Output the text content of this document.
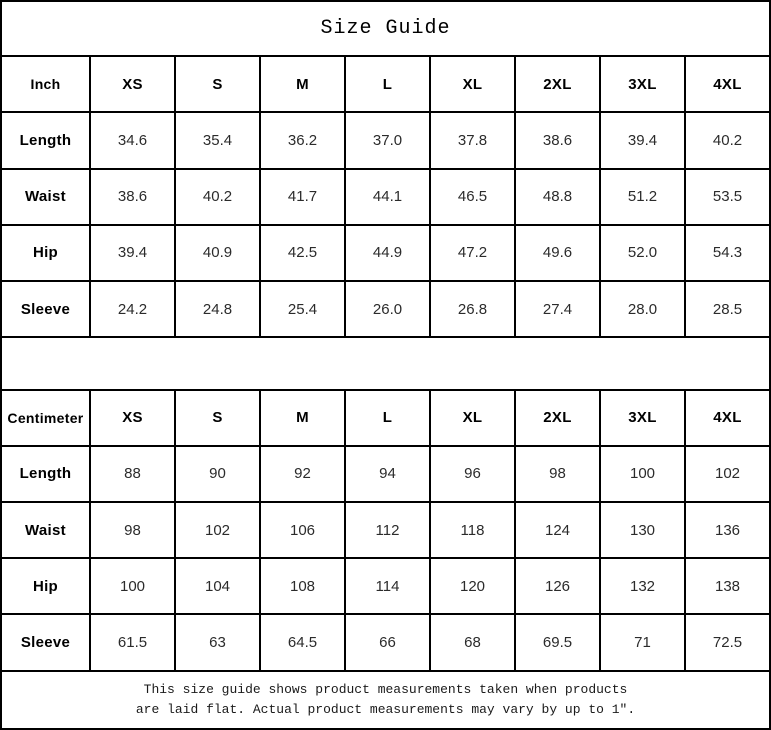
Size Guide								
Inch	XS	S	M	L	XL	2XL	3XL	4XL
Length	34.6	35.4	36.2	37.0	37.8	38.6	39.4	40.2
Waist	38.6	40.2	41.7	44.1	46.5	48.8	51.2	53.5
Hip	39.4	40.9	42.5	44.9	47.2	49.6	52.0	54.3
Sleeve	24.2	24.8	25.4	26.0	26.8	27.4	28.0	28.5

Centimeter	XS	S	M	L	XL	2XL	3XL	4XL
Length	88	90	92	94	96	98	100	102
Waist	98	102	106	112	118	124	130	136
Hip	100	104	108	114	120	126	132	138
Sleeve	61.5	63	64.5	66	68	69.5	71	72.5

This size guide shows product measurements taken when products
are laid flat. Actual product measurements may vary by up to 1″.								
